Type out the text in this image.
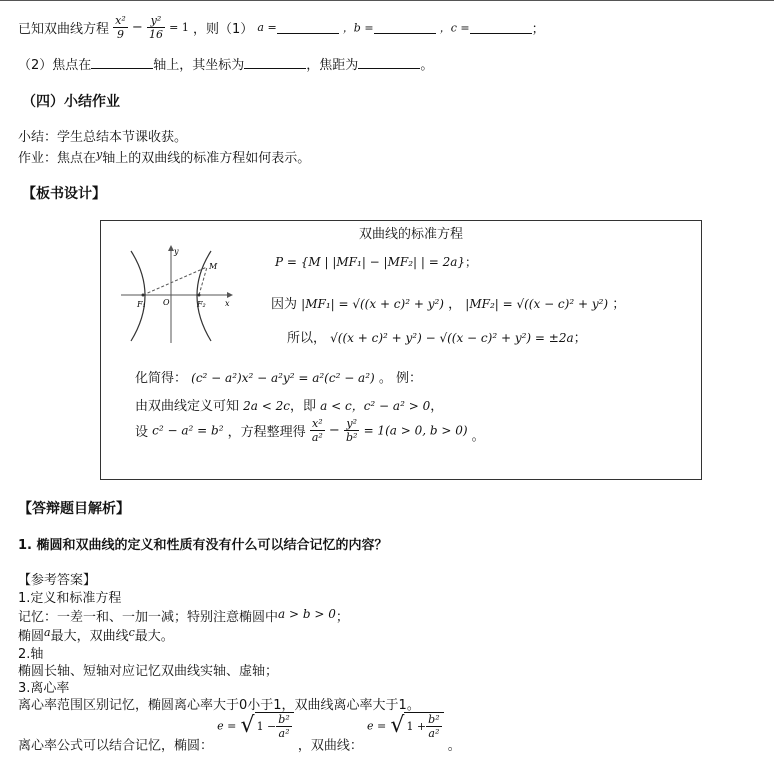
已知双曲线方程 $\frac{\text{x²}}{9} - \frac{\text{y²}}{16} = 1$ ，则（1） a =	，b =	，c =	；
（2）焦点在	轴上，其坐标为	，焦距为	。
（四）小结作业
小结：学生总结本节课收获。
作业：焦点在$^y$轴上的双曲线的标准方程如何表示。
【板书设计】
双曲线的标准方程
y
x
O
F₁	F₂
M	P = {M | |MF₁| − |MF₂| | = 2a}；
因为 |MF₁| = √((x + c)² + y²) ， |MF₂| = √((x − c)² + y²) ；
所以， √((x + c)² + y²) − √((x − c)² + y²) = ±2a；
化简得： (c² − a²)x² − a²y² = a²(c² − a²) 。 例：
由双曲线定义可知 2a < 2c，即 a < c，c² − a² > 0，
设 c² − a² = b² ，方程整理得 $\frac{\text{x²}}{\text{a²}} - \frac{\text{y²}}{\text{b²}} = 1(a > 0$, b > 0) 。
【答辩题目解析】
1. 椭圆和双曲线的定义和性质有没有什么可以结合记忆的内容？
【参考答案】
1.定义和标准方程
记忆：一差一和、一加一减；特别注意椭圆中a > b > 0；
椭圆$^a$最大，双曲线$^c$最大。
2.轴
椭圆长轴、短轴对应记忆双曲线实轴、虚轴；
3.离心率
离心率范围区别记忆，椭圆离心率大于0小于1，双曲线离心率大于1。
离心率公式可以结合记忆，椭圆： e = √ $1 - \frac{\text{b²}}{\text{a²}}$
，双曲线： e = √ $1 + \frac{\text{b²}}{\text{a²}}$
。
